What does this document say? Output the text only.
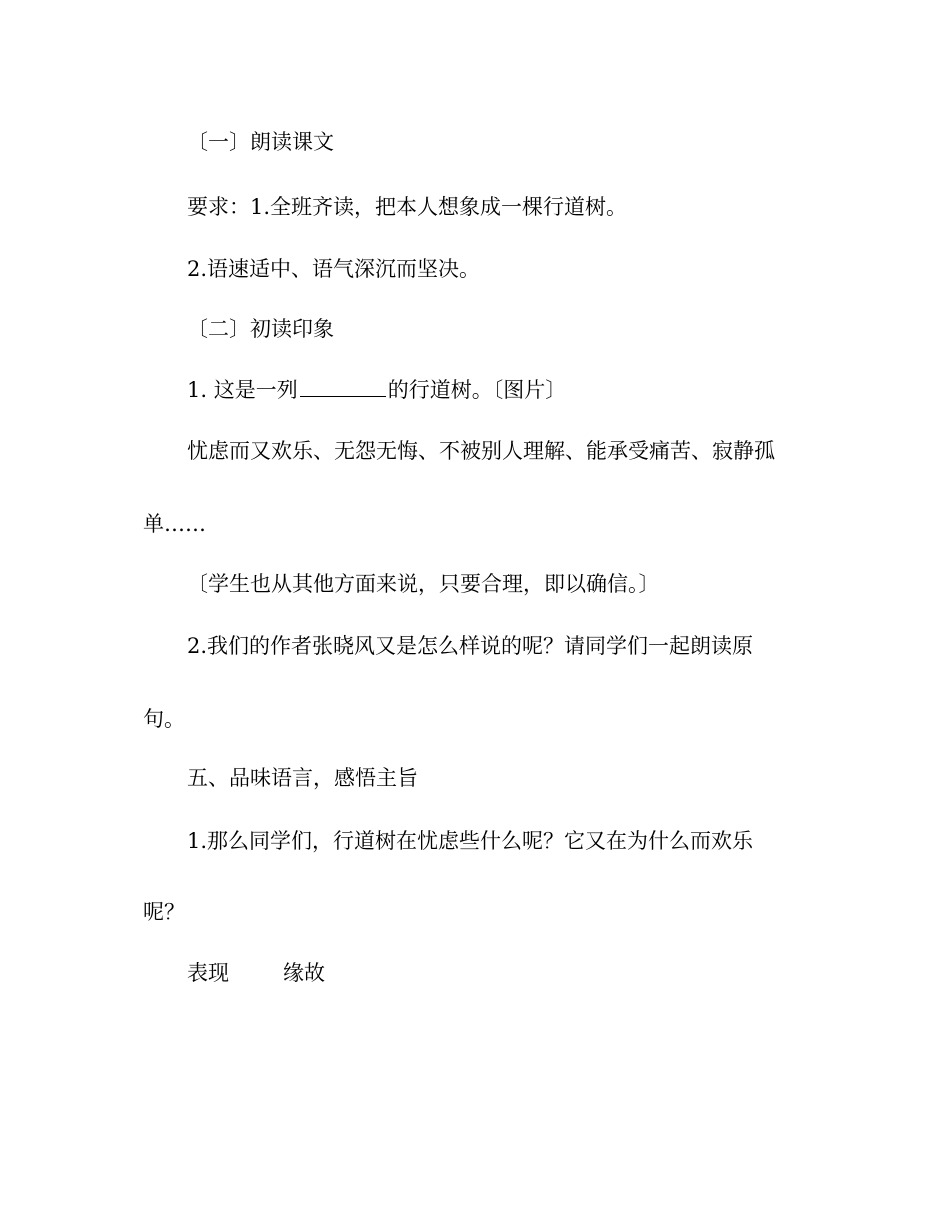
〔一〕朗读课文
要求：1.全班齐读，把本人想象成一棵行道树。
2.语速适中、语气深沉而坚决。
〔二〕初读印象
1. 这是一列	的行道树。〔图片〕
忧虑而又欢乐、无怨无悔、不被别人理解、能承受痛苦、寂静孤
单……
〔学生也从其他方面来说，只要合理，即以确信。〕
2.我们的作者张晓风又是怎么样说的呢？请同学们一起朗读原
句。
五、品味语言，感悟主旨
1.那么同学们，行道树在忧虑些什么呢？它又在为什么而欢乐
呢？
表现	缘故
